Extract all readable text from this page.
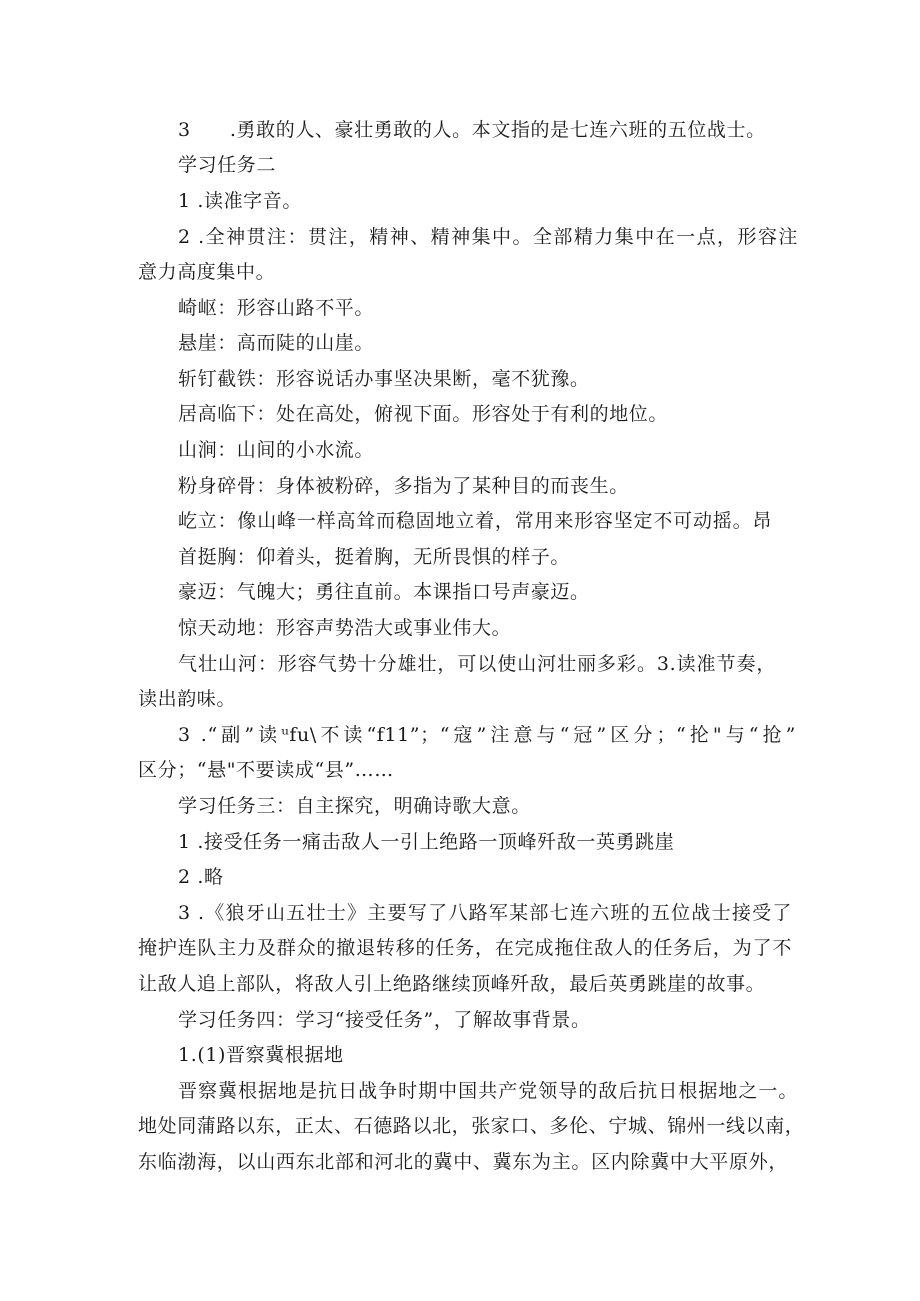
3　　.勇敢的人、豪壮勇敢的人。本文指的是七连六班的五位战士。
学习任务二
1 .读准字音。
2 .全神贯注：贯注，精神、精神集中。全部精力集中在一点，形容注
意力高度集中。
崎岖：形容山路不平。
悬崖：高而陡的山崖。
斩钉截铁：形容说话办事坚决果断，毫不犹豫。
居高临下：处在高处，俯视下面。形容处于有利的地位。
山涧：山间的小水流。
粉身碎骨：身体被粉碎，多指为了某种目的而丧生。
屹立：像山峰一样高耸而稳固地立着，常用来形容坚定不可动摇。昂
首挺胸：仰着头，挺着胸，无所畏惧的样子。
豪迈：气魄大；勇往直前。本课指口号声豪迈。
惊天动地：形容声势浩大或事业伟大。
气壮山河：形容气势十分雄壮，可以使山河壮丽多彩。3.读准节奏，
读出韵味。
3 .“副”读ᵘfu\不读“f11”；“寇”注意与“冠”区分；“抡"与“抢”
区分；“悬"不要读成“县”……
学习任务三：自主探究，明确诗歌大意。
1 .接受任务一痛击敌人一引上绝路一顶峰歼敌一英勇跳崖
2 .略
3 .《狼牙山五壮士》主要写了八路军某部七连六班的五位战士接受了
掩护连队主力及群众的撤退转移的任务，在完成拖住敌人的任务后，为了不
让敌人追上部队，将敌人引上绝路继续顶峰歼敌，最后英勇跳崖的故事。
学习任务四：学习“接受任务”，了解故事背景。
1.(1)晋察冀根据地
晋察冀根据地是抗日战争时期中国共产党领导的敌后抗日根据地之一。
地处同蒲路以东，正太、石德路以北，张家口、多伦、宁城、锦州一线以南，
东临渤海，以山西东北部和河北的冀中、冀东为主。区内除冀中大平原外，
